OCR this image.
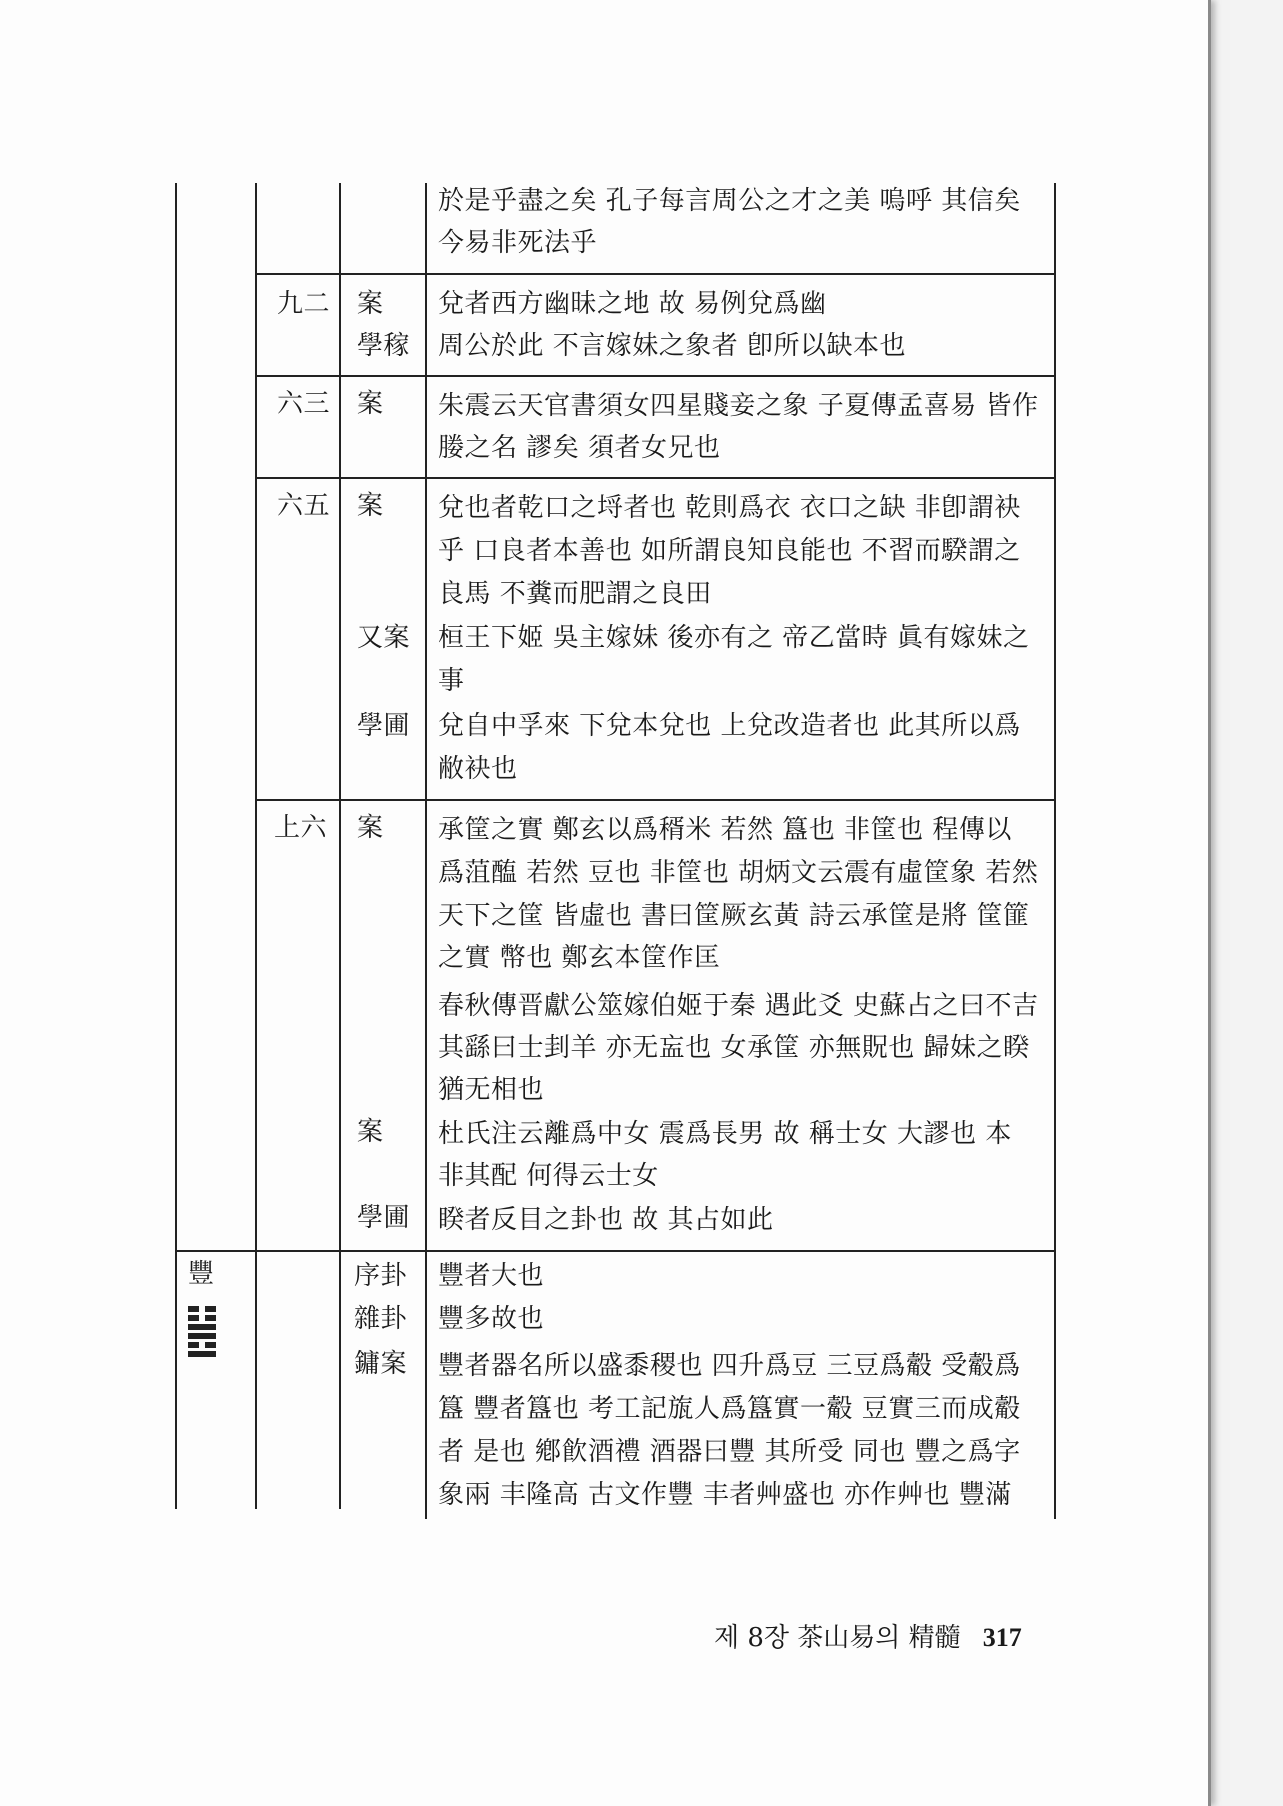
於是乎盡之矣 孔子每言周公之才之美 嗚呼 其信矣
今易非死法乎
九二 案 兌者西方幽昧之地 故 易例兌爲幽
學稼 周公於此 不言嫁妹之象者 卽所以缺本也
六三 案 朱震云天官書須女四星賤妾之象 子夏傳孟喜易 皆作
媵之名 謬矣 須者女兄也
六五 案 兌也者乾口之埒者也 乾則爲衣 衣口之缺 非卽謂袂
乎 口良者本善也 如所謂良知良能也 不習而騤謂之
良馬 不糞而肥謂之良田
又案 桓王下姬 吳主嫁妹 後亦有之 帝乙當時 眞有嫁妹之
事
學圃 兌自中孚來 下兌本兌也 上兌改造者也 此其所以爲
敝袂也
上六 案 承筐之實 鄭玄以爲稰米 若然 簋也 非筐也 程傳以
爲菹醢 若然 豆也 非筐也 胡炳文云震有虛筐象 若然
天下之筐 皆虛也 書曰筐厥玄黃 詩云承筐是將 筐篚
之實 幣也 鄭玄本筐作匡
春秋傳晋獻公筮嫁伯姬于秦 遇此爻 史蘇占之曰不吉
其繇曰士刲羊 亦无衁也 女承筐 亦無貺也 歸妹之睽
猶无相也
案 杜氏注云離爲中女 震爲長男 故 稱士女 大謬也 本
非其配 何得云士女
學圃 睽者反目之卦也 故 其占如此
豐	序卦 豐者大也
雜卦 豐多故也
鏞案 豐者器名所以盛黍稷也 四升爲豆 三豆爲觳 受觳爲
簋 豐者簋也 考工記旊人爲簋實一觳 豆實三而成觳
者 是也 鄕飮酒禮 酒器曰豐 其所受 同也 豐之爲字
象兩 丰隆高 古文作豐 丰者艸盛也 亦作艸也 豐滿
제 8장 茶山易의 精髓 317
